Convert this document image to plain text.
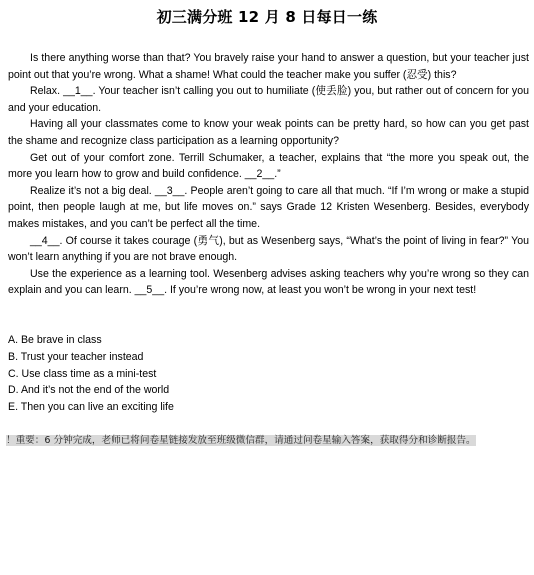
初三满分班 12 月 8 日每日一练

Is there anything worse than that? You bravely raise your hand to answer a question, but your teacher just point out that you’re wrong. What a shame! What could the teacher make you suffer (忍受) this?

Relax. __1__. Your teacher isn’t calling you out to humiliate (使丢脸) you, but rather out of concern for you and your education.

Having all your classmates come to know your weak points can be pretty hard, so how can you get past the shame and recognize class participation as a learning opportunity?

Get out of your comfort zone. Terrill Schumaker, a teacher, explains that “the more you speak out, the more you learn how to grow and build confidence. __2__.”

Realize it’s not a big deal. __3__. People aren’t going to care all that much. “If I’m wrong or make a stupid point, then people laugh at me, but life moves on.” says Grade 12 Kristen Wesenberg. Besides, everybody makes mistakes, and you can’t be perfect all the time.

__4__. Of course it takes courage (勇气), but as Wesenberg says, “What’s the point of living in fear?” You won’t learn anything if you are not brave enough.

Use the experience as a learning tool. Wesenberg advises asking teachers why you’re wrong so they can explain and you can learn. __5__. If you’re wrong now, at least you won’t be wrong in your next test!

A. Be brave in class
B. Trust your teacher instead
C. Use class time as a mini-test
D. And it’s not the end of the world
E. Then you can live an exciting life
！重要：6 分钟完成，老师已将问卷星链接发放至班级微信群，请通过问卷星输入答案，获取得分和诊断报告。
